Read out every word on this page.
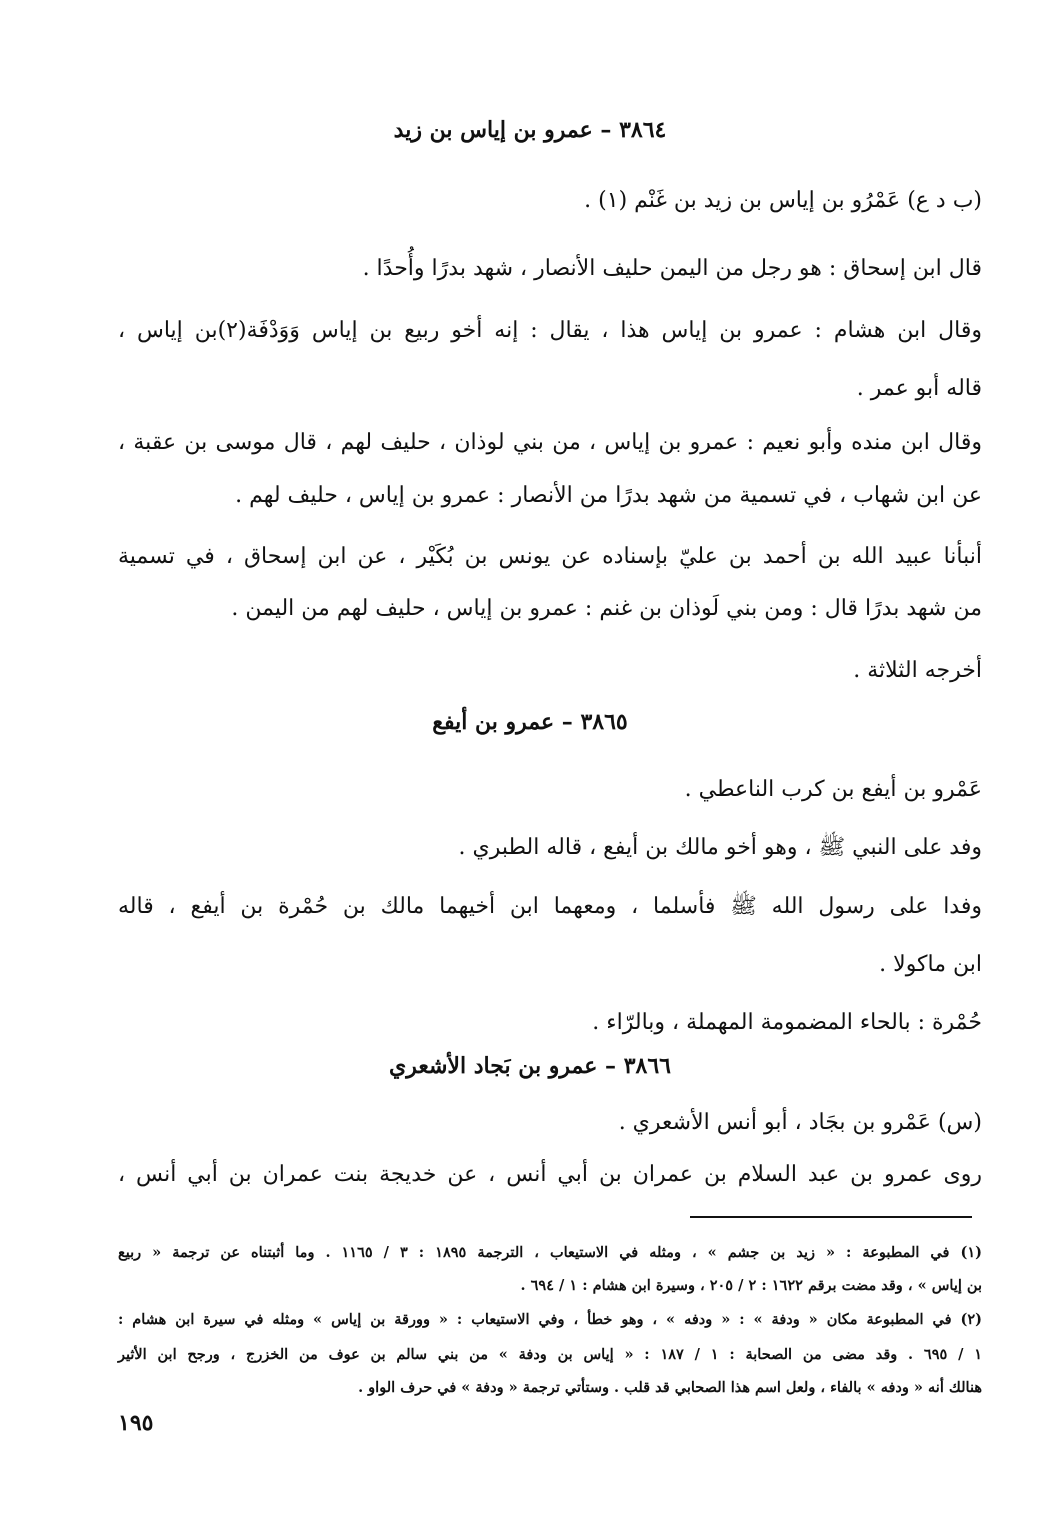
٣٨٦٤ – عمرو بن إياس بن زيد
(ب د ع) عَمْرُو بن إياس بن زيد بن غَنْم (١) .
قال ابن إسحاق : هو رجل من اليمن حليف الأنصار ، شهد بدرًا وأُحدًا .
وقال ابن هشام : عمرو بن إياس هذا ، يقال : إنه أخو ربيع بن إياس وَوَدْفَة(٢)بن إياس ،
قاله أبو عمر .
وقال ابن منده وأبو نعيم : عمرو بن إياس ، من بني لوذان ، حليف لهم ، قال موسى بن عقبة ،
عن ابن شهاب ، في تسمية من شهد بدرًا من الأنصار : عمرو بن إياس ، حليف لهم .
أنبأنا عبيد الله بن أحمد بن عليّ بإسناده عن يونس بن بُكَيْر ، عن ابن إسحاق ، في تسمية
من شهد بدرًا قال : ومن بني لَوذان بن غنم : عمرو بن إياس ، حليف لهم من اليمن .
أخرجه الثلاثة .
٣٨٦٥ – عمرو بن أيفع
عَمْرو بن أيفع بن كرب الناعطي .
وفد على النبي ﷺ ، وهو أخو مالك بن أيفع ، قاله الطبري .
وفدا على رسول الله ﷺ فأسلما ، ومعهما ابن أخيهما مالك بن حُمْرة بن أيفع ، قاله
ابن ماكولا .
حُمْرة : بالحاء المضمومة المهملة ، وبالرّاء .
٣٨٦٦ – عمرو بن بَجاد الأشعري
(س) عَمْرو بن بجَاد ، أبو أنس الأشعري .
روى عمرو بن عبد السلام بن عمران بن أبي أنس ، عن خديجة بنت عمران بن أبي أنس ،
(١) في المطبوعة : « زيد بن جشم » ، ومثله في الاستيعاب ، الترجمة ١٨٩٥ : ٣ / ١١٦٥ . وما أثبتناه عن ترجمة « ربيع
بن إياس » ، وقد مضت برقم ١٦٢٢ : ٢ / ٢٠٥ ، وسيرة ابن هشام : ١ / ٦٩٤ .
(٢) في المطبوعة مكان « ودفة » : « ودفه » ، وهو خطأ ، وفي الاستيعاب : « وورقة بن إياس » ومثله في سيرة ابن هشام :
١ / ٦٩٥ . وقد مضى من الصحابة : ١ / ١٨٧ : « إياس بن ودفة » من بني سالم بن عوف من الخزرج ، ورجح ابن الأثير
هنالك أنه « ودفه » بالفاء ، ولعل اسم هذا الصحابي قد قلب . وستأتي ترجمة « ودفة » في حرف الواو .
١٩٥
